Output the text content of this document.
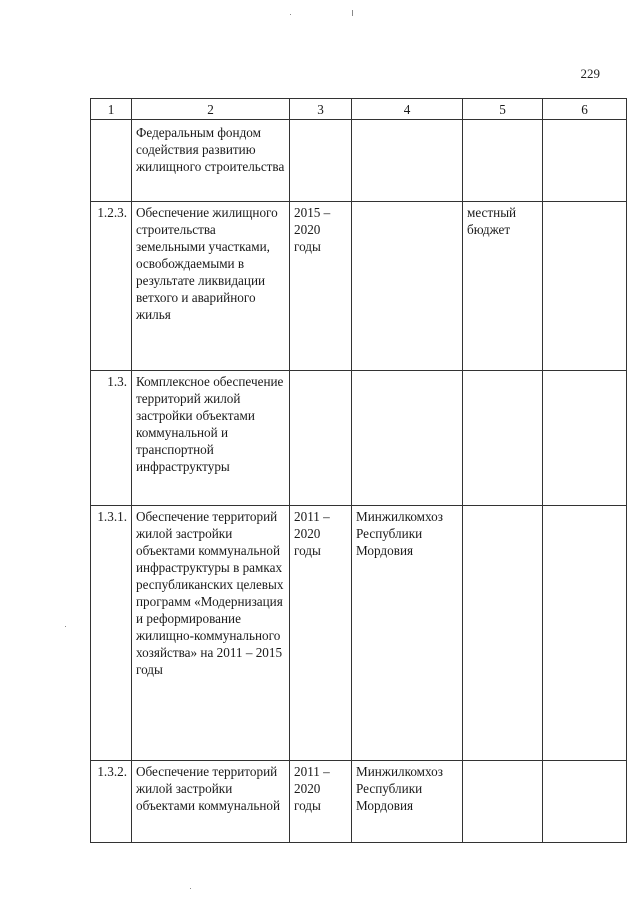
229
1	2	3	4	5	6
	Федеральным фондом содействия развитию жилищного строительства				
1.2.3.	Обеспечение жилищного строительства земельными участками, освобождаемыми в результате ликвидации ветхого и аварийного жилья	2015 – 2020 годы		местный бюджет	
1.3.	Комплексное обеспечение территорий жилой застройки объектами коммунальной и транспортной инфраструктуры				
1.3.1.	Обеспечение территорий жилой застройки объектами коммунальной инфраструктуры в рамках республиканских целевых программ «Модернизация и реформирование жилищно-коммунального хозяйства» на 2011 – 2015 годы	2011 – 2020 годы	Минжилкомхоз Республики Мордовия		
1.3.2.	Обеспечение территорий жилой застройки объектами коммунальной	2011 – 2020 годы	Минжилкомхоз Республики Мордовия		
